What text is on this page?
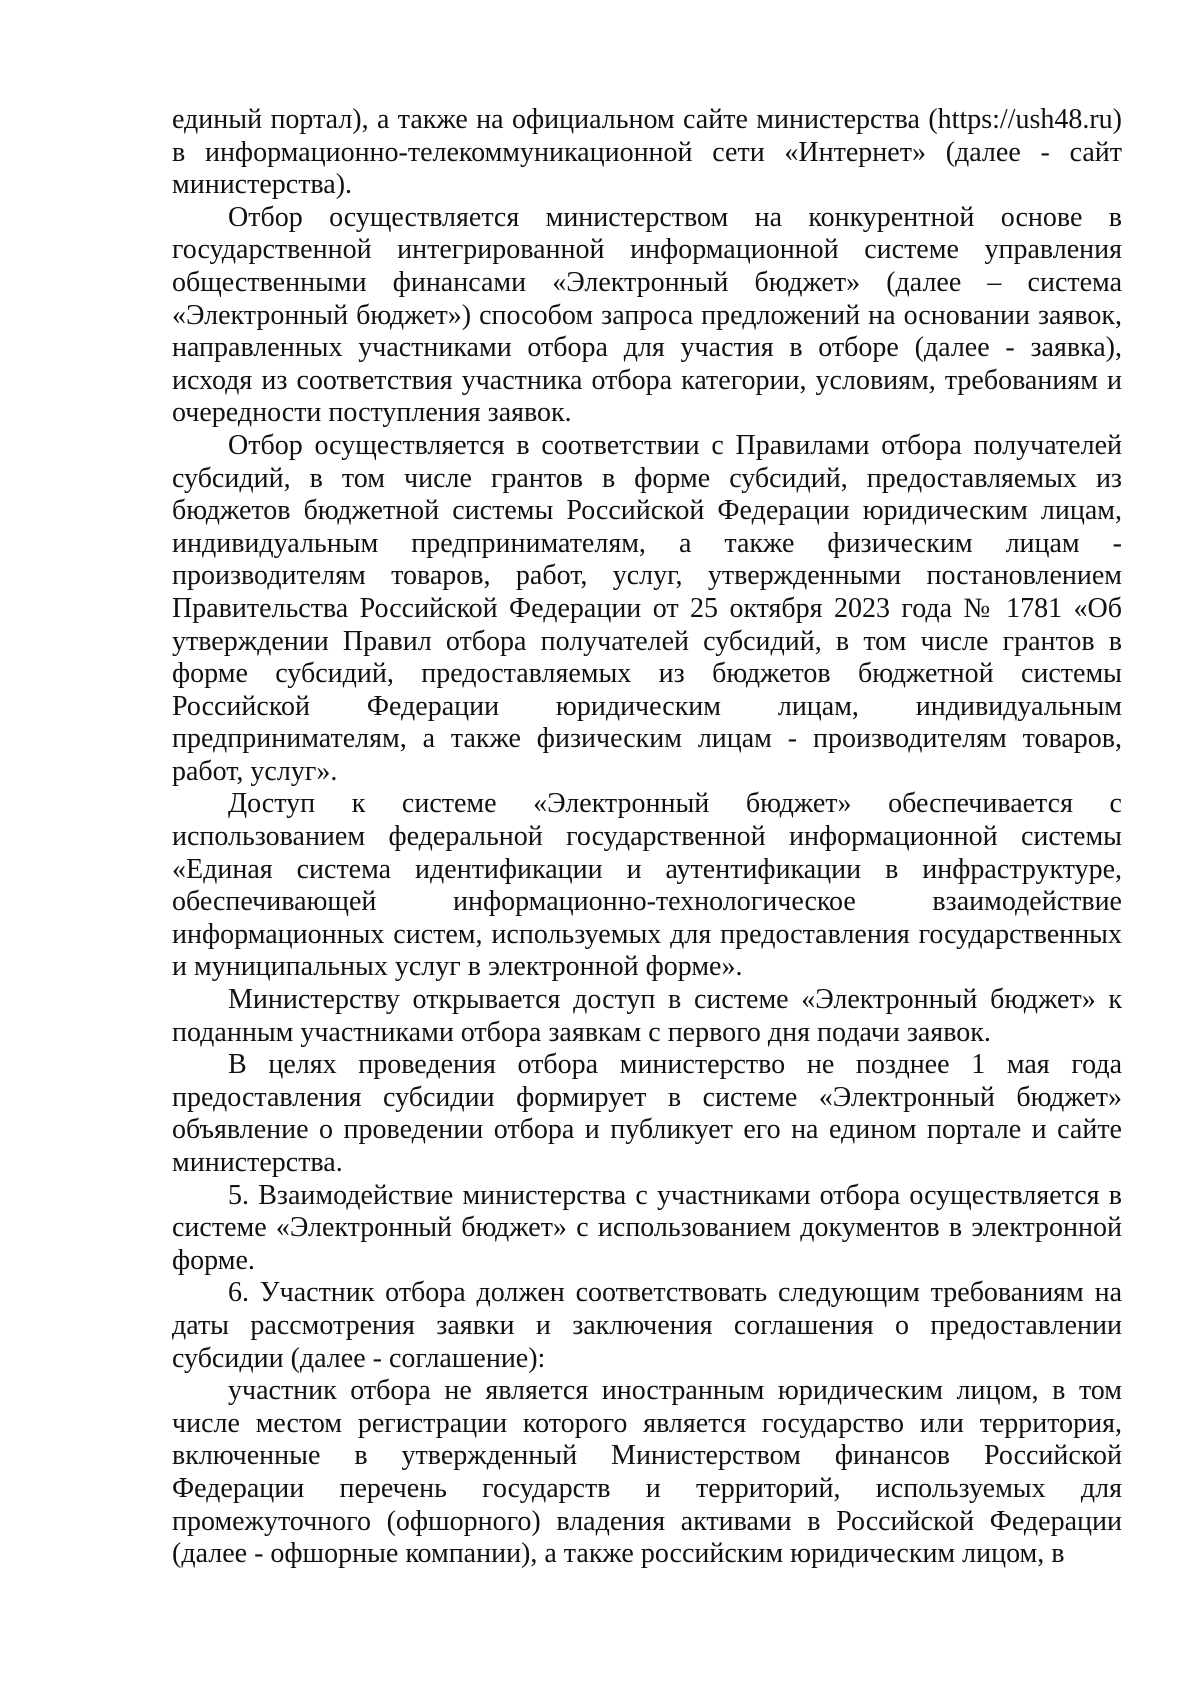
единый портал), а также на официальном сайте министерства (https://ush48.ru) в информационно-телекоммуникационной сети «Интернет» (далее - сайт министерства).

Отбор осуществляется министерством на конкурентной основе в государственной интегрированной информационной системе управления общественными финансами «Электронный бюджет» (далее – система «Электронный бюджет») способом запроса предложений на основании заявок, направленных участниками отбора для участия в отборе (далее - заявка), исходя из соответствия участника отбора категории, условиям, требованиям и очередности поступления заявок.

Отбор осуществляется в соответствии с Правилами отбора получателей субсидий, в том числе грантов в форме субсидий, предоставляемых из бюджетов бюджетной системы Российской Федерации юридическим лицам, индивидуальным предпринимателям, а также физическим лицам - производителям товаров, работ, услуг, утвержденными постановлением Правительства Российской Федерации от 25 октября 2023 года № 1781 «Об утверждении Правил отбора получателей субсидий, в том числе грантов в форме субсидий, предоставляемых из бюджетов бюджетной системы Российской Федерации юридическим лицам, индивидуальным предпринимателям, а также физическим лицам - производителям товаров, работ, услуг».

Доступ к системе «Электронный бюджет» обеспечивается с использованием федеральной государственной информационной системы «Единая система идентификации и аутентификации в инфраструктуре, обеспечивающей информационно-технологическое взаимодействие информационных систем, используемых для предоставления государственных и муниципальных услуг в электронной форме».

Министерству открывается доступ в системе «Электронный бюджет» к поданным участниками отбора заявкам с первого дня подачи заявок.

В целях проведения отбора министерство не позднее 1 мая года предоставления субсидии формирует в системе «Электронный бюджет» объявление о проведении отбора и публикует его на едином портале и сайте министерства.

5. Взаимодействие министерства с участниками отбора осуществляется в системе «Электронный бюджет» с использованием документов в электронной форме.

6. Участник отбора должен соответствовать следующим требованиям на даты рассмотрения заявки и заключения соглашения о предоставлении субсидии (далее - соглашение):

участник отбора не является иностранным юридическим лицом, в том числе местом регистрации которого является государство или территория, включенные в утвержденный Министерством финансов Российской Федерации перечень государств и территорий, используемых для промежуточного (офшорного) владения активами в Российской Федерации (далее - офшорные компании), а также российским юридическим лицом, в
